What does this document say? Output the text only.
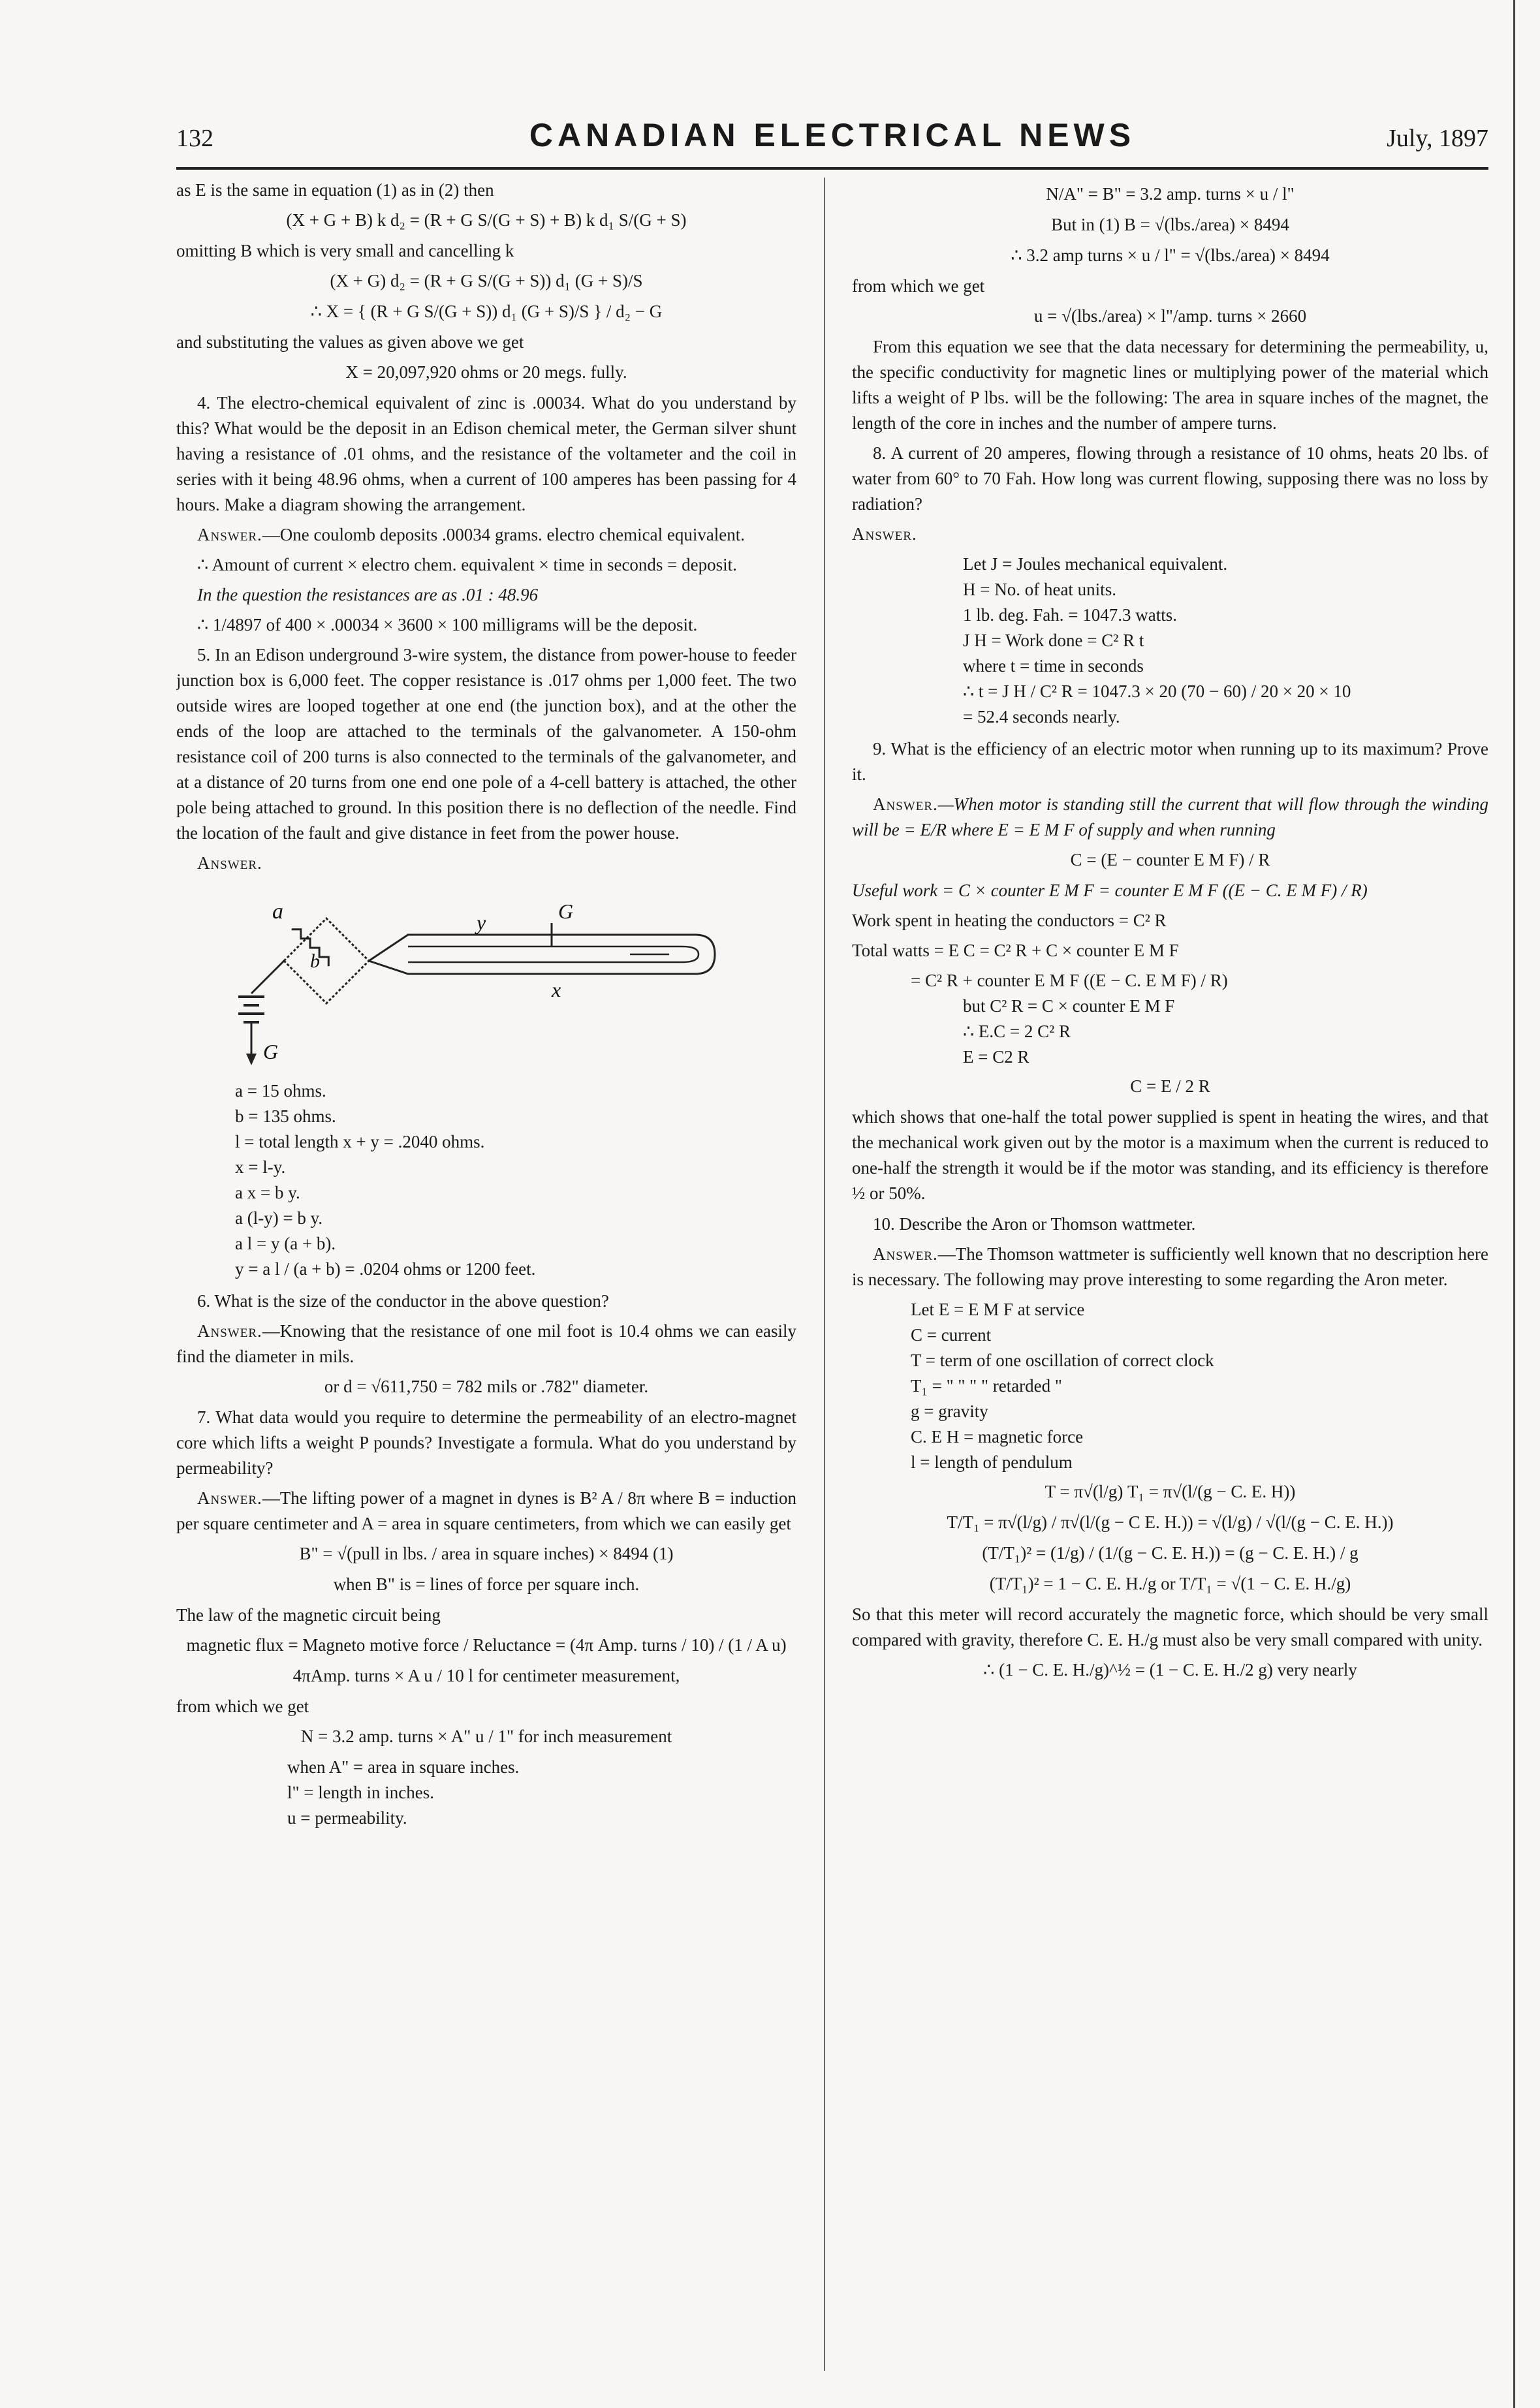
132	CANADIAN ELECTRICAL NEWS	July, 1897

as E is the same in equation (1) as in (2) then

(X + G + B) k d₂ = (R + G S/(G + S) + B) k d₁ S/(G + S)

omitting B which is very small and cancelling k

(X + G) d₂ = (R + G S/(G + S)) d₁ (G + S)/S

∴ X = { (R + G S/(G + S)) d₁ (G + S)/S } / d₂ − G

and substituting the values as given above we get

X = 20,097,920 ohms or 20 megs. fully.

4. The electro-chemical equivalent of zinc is .00034. What do you understand by this? What would be the deposit in an Edison chemical meter, the German silver shunt having a resistance of .01 ohms, and the resistance of the voltameter and the coil in series with it being 48.96 ohms, when a current of 100 amperes has been passing for 4 hours. Make a diagram showing the arrangement.

Answer.—One coulomb deposits .00034 grams. electro chemical equivalent.

∴ Amount of current × electro chem. equivalent × time in seconds = deposit.

In the question the resistances are as .01 : 48.96

∴ 1/4897 of 400 × .00034 × 3600 × 100 milligrams will be the deposit.

5. In an Edison underground 3-wire system, the distance from power-house to feeder junction box is 6,000 feet. The copper resistance is .017 ohms per 1,000 feet. The two outside wires are looped together at one end (the junction box), and at the other the ends of the loop are attached to the terminals of the galvanometer. A 150-ohm resistance coil of 200 turns is also connected to the terminals of the galvanometer, and at a distance of 20 turns from one end one pole of a 4-cell battery is attached, the other pole being attached to ground. In this position there is no deflection of the needle. Find the location of the fault and give distance in feet from the power house.

Answer.

a
b
G
G
y
x

a = 15 ohms.

b = 135 ohms.

l = total length x + y = .2040 ohms.

x = l-y.

a x = b y.

a (l-y) = b y.

a l = y (a + b).

y = a l / (a + b) = .0204 ohms or 1200 feet.

6. What is the size of the conductor in the above question?

Answer.—Knowing that the resistance of one mil foot is 10.4 ohms we can easily find the diameter in mils.

or d = √611,750 = 782 mils or .782" diameter.

7. What data would you require to determine the permeability of an electro-magnet core which lifts a weight P pounds? Investigate a formula. What do you understand by permeability?

Answer.—The lifting power of a magnet in dynes is B² A / 8π where B = induction per square centimeter and A = area in square centimeters, from which we can easily get

B" = √(pull in lbs. / area in square inches) × 8494 (1)

when B" is = lines of force per square inch.

The law of the magnetic circuit being

magnetic flux = Magneto motive force / Reluctance = (4π Amp. turns / 10) / (1 / A u)

4πAmp. turns × A u / 10 l for centimeter measurement,

from which we get

N = 3.2 amp. turns × A" u / 1" for inch measurement

when A" = area in square inches.

l" = length in inches.

u = permeability.

N/A" = B" = 3.2 amp. turns × u / l"

But in (1) B = √(lbs./area) × 8494

∴ 3.2 amp turns × u / l" = √(lbs./area) × 8494

from which we get

u = √(lbs./area) × l"/amp. turns × 2660

From this equation we see that the data necessary for determining the permeability, u, the specific conductivity for magnetic lines or multiplying power of the material which lifts a weight of P lbs. will be the following: The area in square inches of the magnet, the length of the core in inches and the number of ampere turns.

8. A current of 20 amperes, flowing through a resistance of 10 ohms, heats 20 lbs. of water from 60° to 70 Fah. How long was current flowing, supposing there was no loss by radiation?

Answer.

Let J = Joules mechanical equivalent.

H = No. of heat units.

1 lb. deg. Fah. = 1047.3 watts.

J H = Work done = C² R t

where t = time in seconds

∴ t = J H / C² R = 1047.3 × 20 (70 − 60) / 20 × 20 × 10

= 52.4 seconds nearly.

9. What is the efficiency of an electric motor when running up to its maximum? Prove it.

Answer.—When motor is standing still the current that will flow through the winding will be = E/R where E = E M F of supply and when running

C = (E − counter E M F) / R

Useful work = C × counter E M F = counter E M F ((E − C. E M F) / R)

Work spent in heating the conductors = C² R

Total watts = E C = C² R + C × counter E M F

= C² R + counter E M F ((E − C. E M F) / R)

but C² R = C × counter E M F

∴ E.C = 2 C² R

E = C2 R

C = E / 2 R

which shows that one-half the total power supplied is spent in heating the wires, and that the mechanical work given out by the motor is a maximum when the current is reduced to one-half the strength it would be if the motor was standing, and its efficiency is therefore ½ or 50%.

10. Describe the Aron or Thomson wattmeter.

Answer.—The Thomson wattmeter is sufficiently well known that no description here is necessary. The following may prove interesting to some regarding the Aron meter.

Let E = E M F at service

C = current

T = term of one oscillation of correct clock

T₁ = " " " " retarded "

g = gravity

C. E H = magnetic force

l = length of pendulum

T = π√(l/g) T₁ = π√(l/(g − C. E. H))

T/T₁ = π√(l/g) / π√(l/(g − C E. H.)) = √(l/g) / √(l/(g − C. E. H.))

(T/T₁)² = (1/g) / (1/(g − C. E. H.)) = (g − C. E. H.) / g

(T/T₁)² = 1 − C. E. H./g or T/T₁ = √(1 − C. E. H./g)

So that this meter will record accurately the magnetic force, which should be very small compared with gravity, therefore C. E. H./g must also be very small compared with unity.

∴ (1 − C. E. H./g)^½ = (1 − C. E. H./2 g) very nearly
